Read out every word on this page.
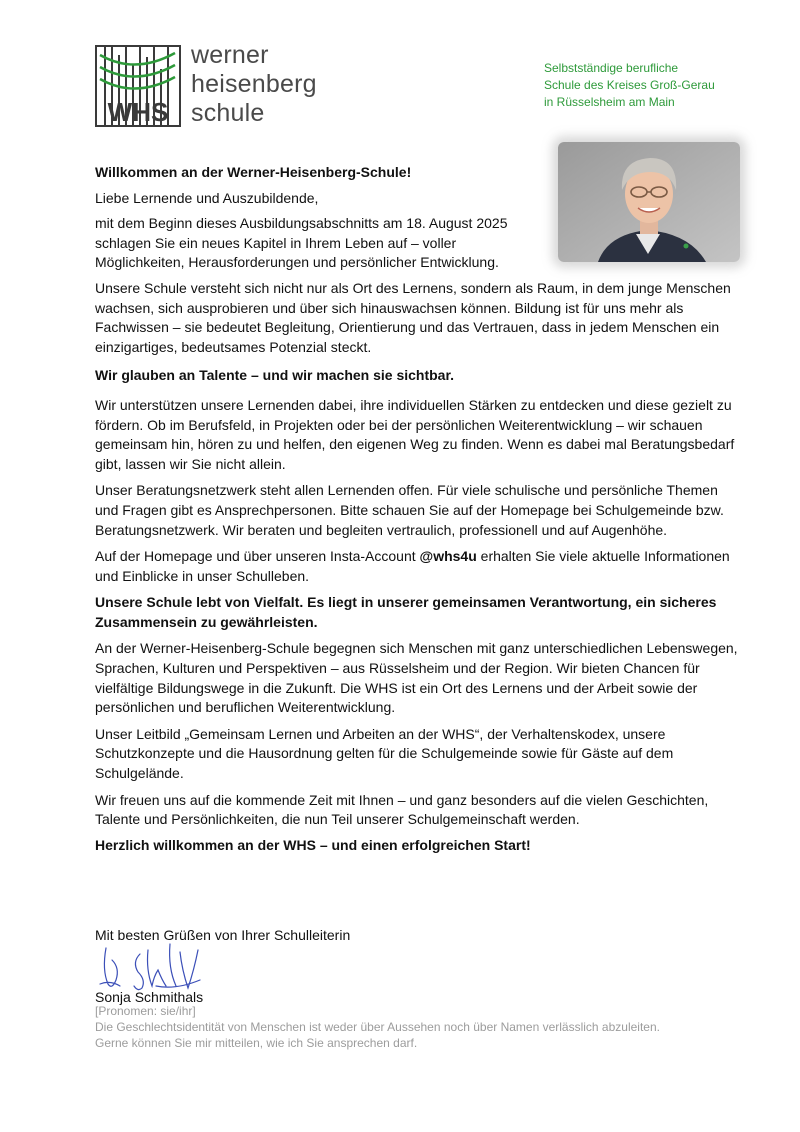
WHS
werner
heisenberg
schule
Selbstständige berufliche
Schule des Kreises Groß-Gerau
in Rüsselsheim am Main

Willkommen an der Werner-Heisenberg-Schule!

Liebe Lernende und Auszubildende,

mit dem Beginn dieses Ausbildungsabschnitts am 18. August 2025 schlagen Sie ein neues Kapitel in Ihrem Leben auf – voller Möglichkeiten, Herausforderungen und persönlicher Entwicklung.

Unsere Schule versteht sich nicht nur als Ort des Lernens, sondern als Raum, in dem junge Menschen wachsen, sich ausprobieren und über sich hinauswachsen können. Bildung ist für uns mehr als Fachwissen – sie bedeutet Begleitung, Orientierung und das Vertrauen, dass in jedem Menschen ein einzigartiges, bedeutsames Potenzial steckt.

Wir glauben an Talente – und wir machen sie sichtbar.

Wir unterstützen unsere Lernenden dabei, ihre individuellen Stärken zu entdecken und diese gezielt zu fördern. Ob im Berufsfeld, in Projekten oder bei der persönlichen Weiterentwicklung – wir schauen gemeinsam hin, hören zu und helfen, den eigenen Weg zu finden. Wenn es dabei mal Beratungsbedarf gibt, lassen wir Sie nicht allein.

Unser Beratungsnetzwerk steht allen Lernenden offen. Für viele schulische und persönliche Themen und Fragen gibt es Ansprechpersonen. Bitte schauen Sie auf der Homepage bei Schulgemeinde bzw. Beratungsnetzwerk. Wir beraten und begleiten vertraulich, professionell und auf Augenhöhe.

Auf der Homepage und über unseren Insta-Account @whs4u erhalten Sie viele aktuelle Informationen und Einblicke in unser Schulleben.

Unsere Schule lebt von Vielfalt. Es liegt in unserer gemeinsamen Verantwortung, ein sicheres Zusammensein zu gewährleisten.

An der Werner-Heisenberg-Schule begegnen sich Menschen mit ganz unterschiedlichen Lebenswegen, Sprachen, Kulturen und Perspektiven – aus Rüsselsheim und der Region. Wir bieten Chancen für vielfältige Bildungswege in die Zukunft. Die WHS ist ein Ort des Lernens und der Arbeit sowie der persönlichen und beruflichen Weiterentwicklung.

Unser Leitbild „Gemeinsam Lernen und Arbeiten an der WHS“, der Verhaltenskodex, unsere Schutzkonzepte und die Hausordnung gelten für die Schulgemeinde sowie für Gäste auf dem Schulgelände.

Wir freuen uns auf die kommende Zeit mit Ihnen – und ganz besonders auf die vielen Geschichten, Talente und Persönlichkeiten, die nun Teil unserer Schulgemeinschaft werden.

Herzlich willkommen an der WHS – und einen erfolgreichen Start!

Mit besten Grüßen von Ihrer Schulleiterin
Sonja Schmithals
[Pronomen: sie/ihr]
Die Geschlechtsidentität von Menschen ist weder über Aussehen noch über Namen verlässlich abzuleiten.
Gerne können Sie mir mitteilen, wie ich Sie ansprechen darf.
